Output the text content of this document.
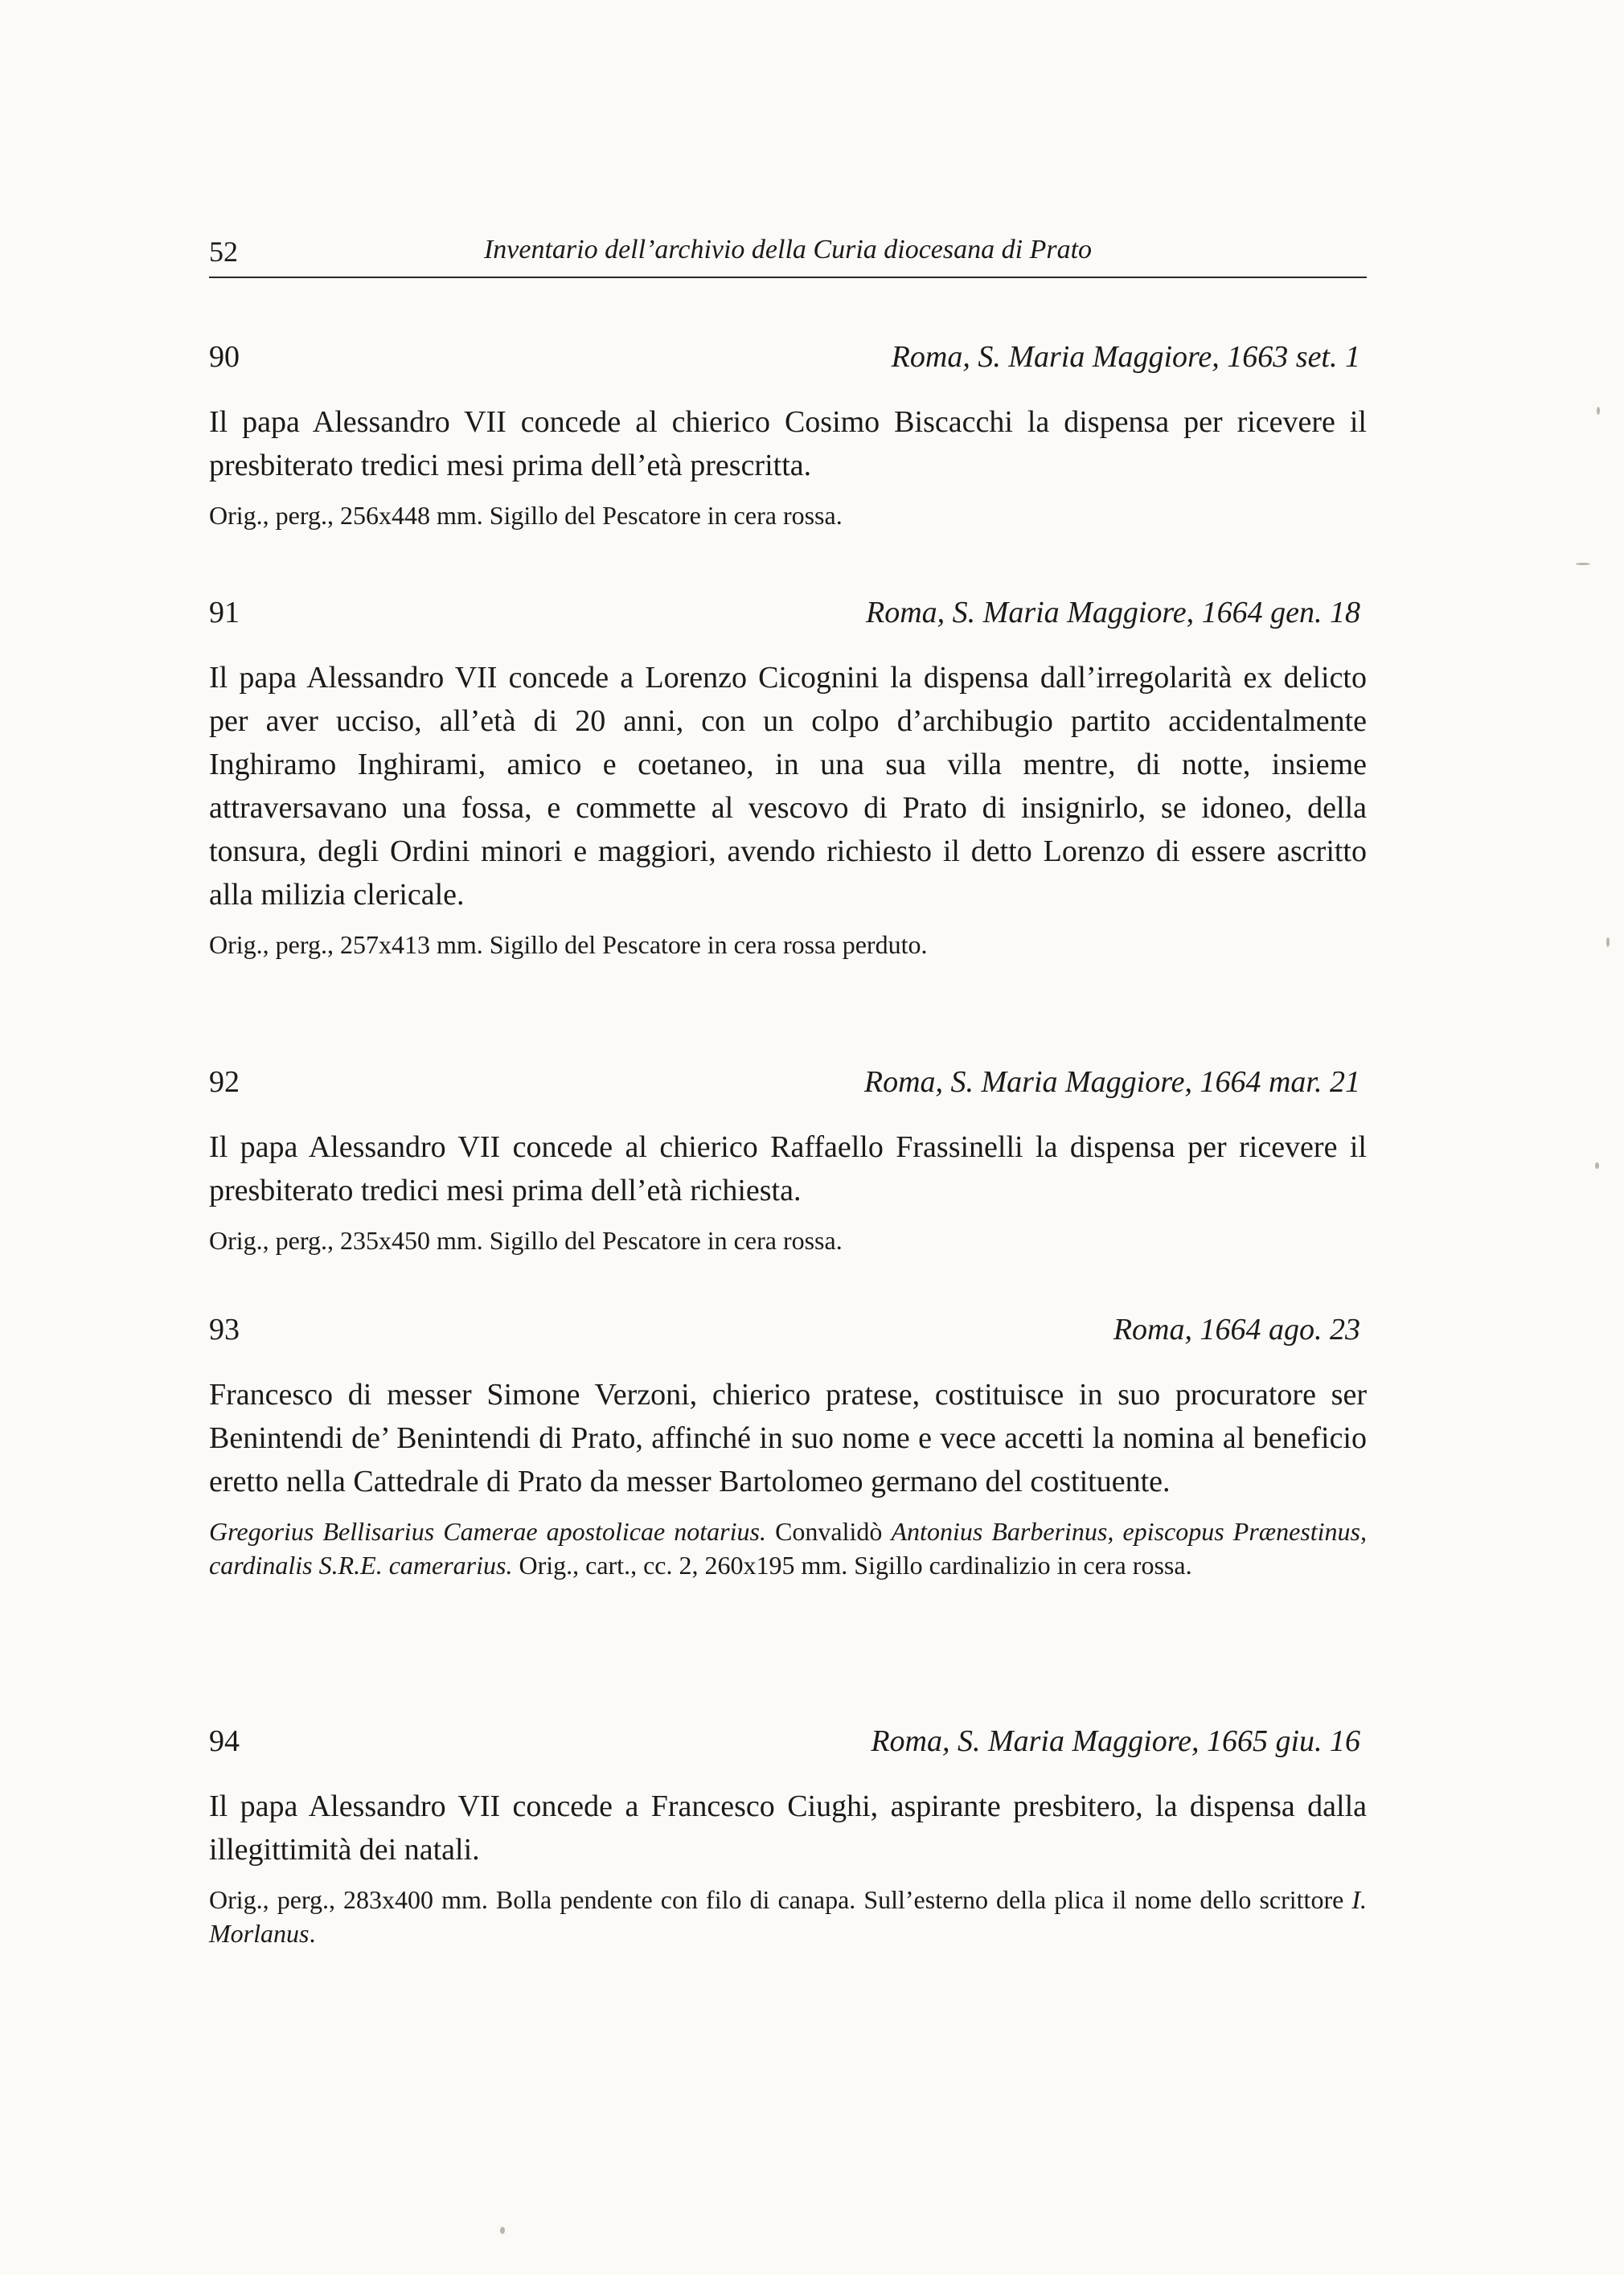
52	Inventario dell’archivio della Curia diocesana di Prato
90	Roma, S. Maria Maggiore, 1663 set. 1
Il papa Alessandro VII concede al chierico Cosimo Biscacchi la dispensa per ricevere il presbiterato tredici mesi prima dell’età prescritta.
Orig., perg., 256x448 mm. Sigillo del Pescatore in cera rossa.
91	Roma, S. Maria Maggiore, 1664 gen. 18
Il papa Alessandro VII concede a Lorenzo Cicognini la dispensa dall’irregolarità ex delicto per aver ucciso, all’età di 20 anni, con un colpo d’archibugio partito accidentalmente Inghiramo Inghirami, amico e coetaneo, in una sua villa mentre, di notte, insieme attraversavano una fossa, e commette al vescovo di Prato di insignirlo, se idoneo, della tonsura, degli Ordini minori e maggiori, avendo richiesto il detto Lorenzo di essere ascritto alla milizia clericale.
Orig., perg., 257x413 mm. Sigillo del Pescatore in cera rossa perduto.
92	Roma, S. Maria Maggiore, 1664 mar. 21
Il papa Alessandro VII concede al chierico Raffaello Frassinelli la dispensa per ricevere il presbiterato tredici mesi prima dell’età richiesta.
Orig., perg., 235x450 mm. Sigillo del Pescatore in cera rossa.
93	Roma, 1664 ago. 23
Francesco di messer Simone Verzoni, chierico pratese, costituisce in suo procuratore ser Benintendi de’ Benintendi di Prato, affinché in suo nome e vece accetti la nomina al beneficio eretto nella Cattedrale di Prato da messer Bartolomeo germano del costituente.
Gregorius Bellisarius Camerae apostolicae notarius. Convalidò Antonius Barberinus, episcopus Prænestinus, cardinalis S.R.E. camerarius. Orig., cart., cc. 2, 260x195 mm. Sigillo cardinalizio in cera rossa.
94	Roma, S. Maria Maggiore, 1665 giu. 16
Il papa Alessandro VII concede a Francesco Ciughi, aspirante presbitero, la dispensa dalla illegittimità dei natali.
Orig., perg., 283x400 mm. Bolla pendente con filo di canapa. Sull’esterno della plica il nome dello scrittore I. Morlanus.
